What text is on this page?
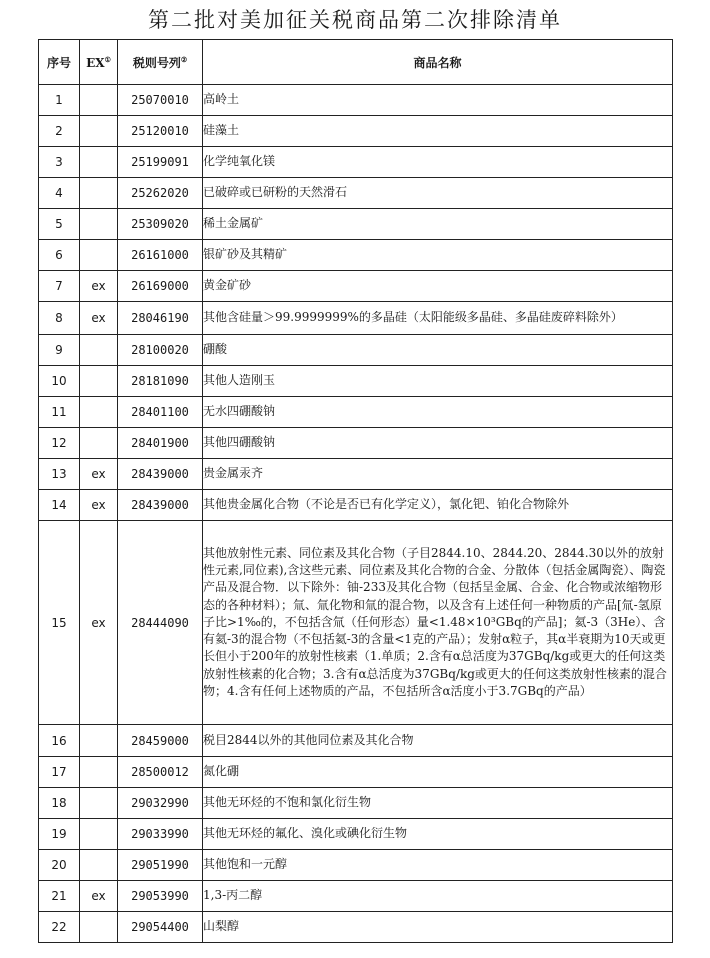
第二批对美加征关税商品第二次排除清单
序号	EX①	税则号列②	商品名称
1		25070010	高岭土
2		25120010	硅藻土
3		25199091	化学纯氧化镁
4		25262020	已破碎或已研粉的天然滑石
5		25309020	稀土金属矿
6		26161000	银矿砂及其精矿
7	ex	26169000	黄金矿砂
8	ex	28046190	其他含硅量＞99.9999999%的多晶硅（太阳能级多晶硅、多晶硅废碎料除外）
9		28100020	硼酸
10		28181090	其他人造刚玉
11		28401100	无水四硼酸钠
12		28401900	其他四硼酸钠
13	ex	28439000	贵金属汞齐
14	ex	28439000	其他贵金属化合物（不论是否已有化学定义），氯化钯、铂化合物除外
15	ex	28444090	其他放射性元素、同位素及其化合物（子目2844.10、2844.20、2844.30以外的放射性元素,同位素),含这些元素、同位素及其化合物的合金、分散体（包括金属陶瓷）、陶瓷产品及混合物．以下除外：铀-233及其化合物（包括呈金属、合金、化合物或浓缩物形态的各种材料）；氚、氚化物和氚的混合物，以及含有上述任何一种物质的产品[氚-氢原子比>1‰的，不包括含氚（任何形态）量<1.48×10³GBq的产品]；氦-3（3He）、含有氦-3的混合物（不包括氦-3的含量<1克的产品）；发射α粒子，其α半衰期为10天或更长但小于200年的放射性核素（1.单质；2.含有α总活度为37GBq/kg或更大的任何这类放射性核素的化合物；3.含有α总活度为37GBq/kg或更大的任何这类放射性核素的混合物；4.含有任何上述物质的产品，不包括所含α活度小于3.7GBq的产品）
16		28459000	税目2844以外的其他同位素及其化合物
17		28500012	氮化硼
18		29032990	其他无环烃的不饱和氯化衍生物
19		29033990	其他无环烃的氟化、溴化或碘化衍生物
20		29051990	其他饱和一元醇
21	ex	29053990	1,3-丙二醇
22		29054400	山梨醇
